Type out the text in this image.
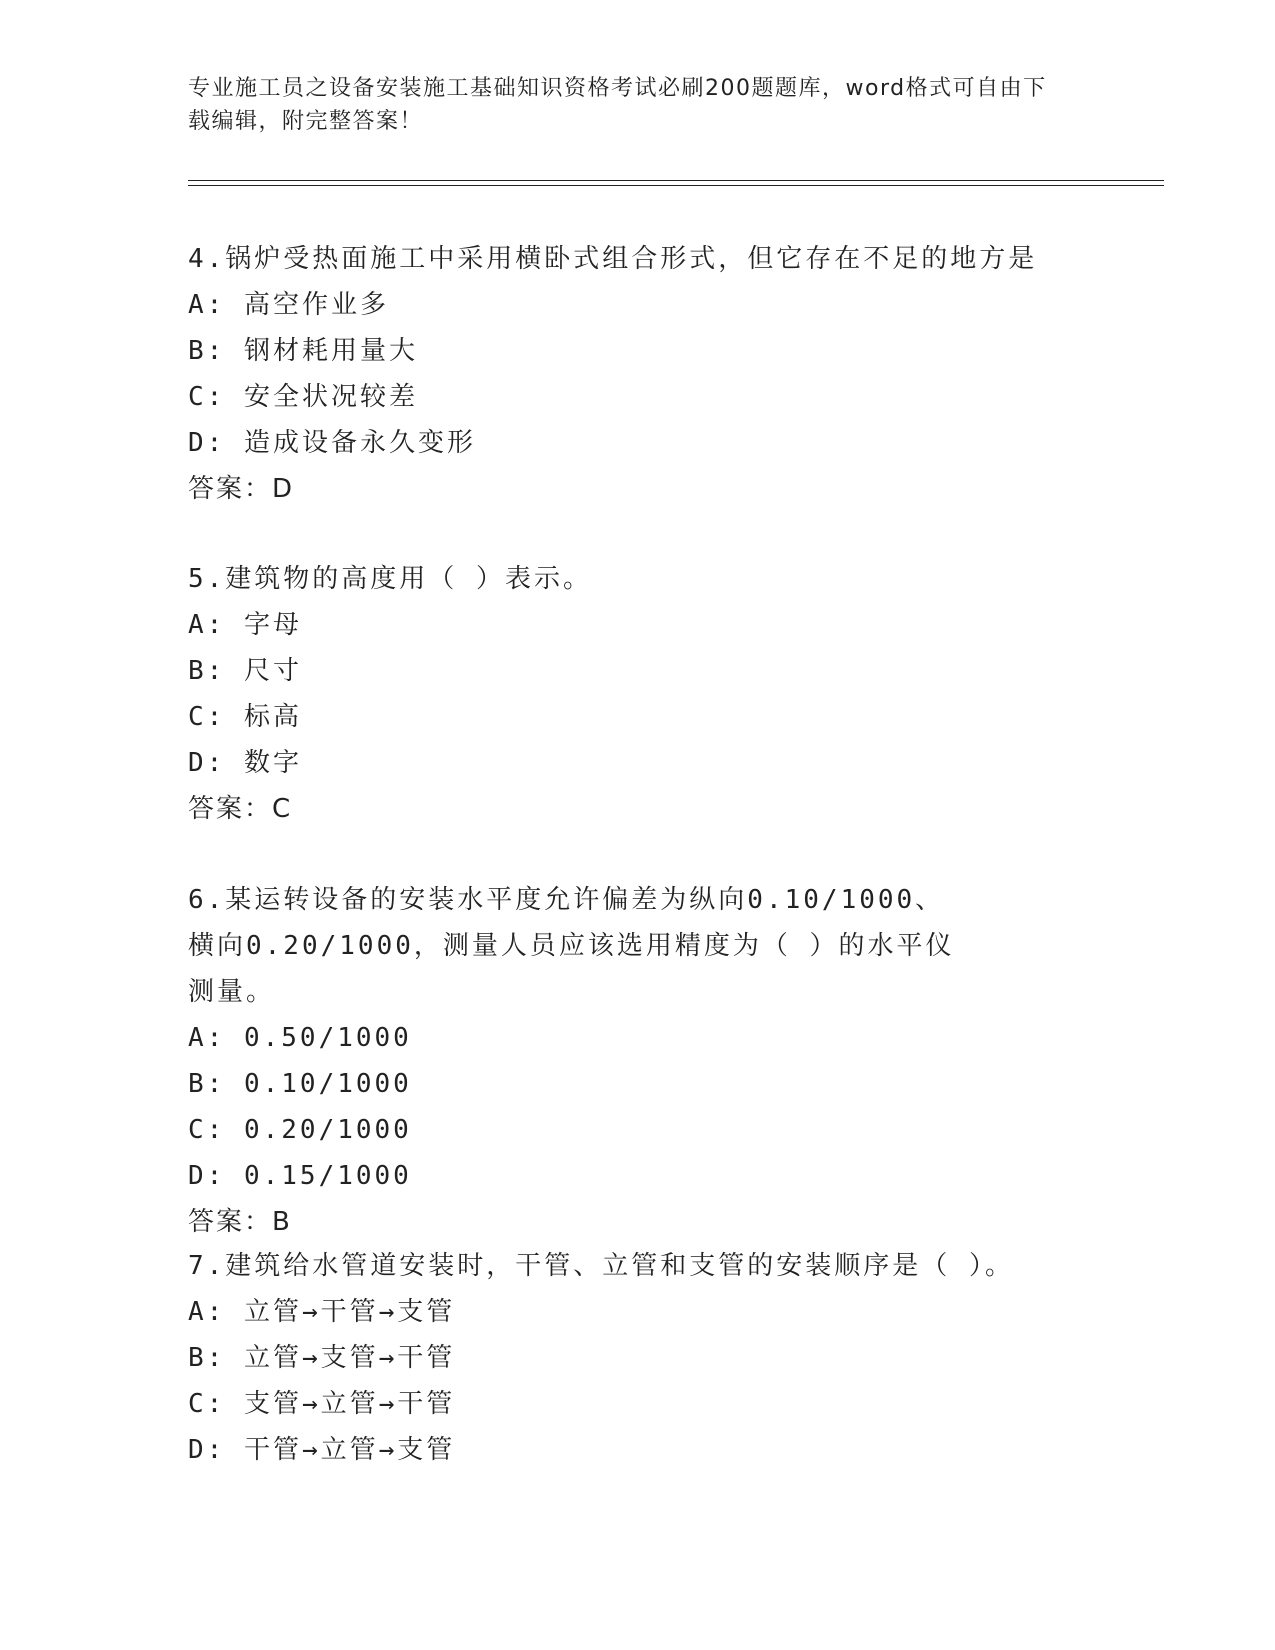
专业施工员之设备安装施工基础知识资格考试必刷200题题库，word格式可自由下载编辑，附完整答案！

4.锅炉受热面施工中采用横卧式组合形式，但它存在不足的地方是

A: 高空作业多

B: 钢材耗用量大

C: 安全状况较差

D: 造成设备永久变形

答案：D

5.建筑物的高度用（ ）表示。

A: 字母

B: 尺寸

C: 标高

D: 数字

答案：C

6.某运转设备的安装水平度允许偏差为纵向0.10/1000、横向0.20/1000，测量人员应该选用精度为（ ）的水平仪测量。

A: 0.50/1000

B: 0.10/1000

C: 0.20/1000

D: 0.15/1000

答案：B

7.建筑给水管道安装时，干管、立管和支管的安装顺序是（ ）。

A: 立管→干管→支管

B: 立管→支管→干管

C: 支管→立管→干管

D: 干管→立管→支管
